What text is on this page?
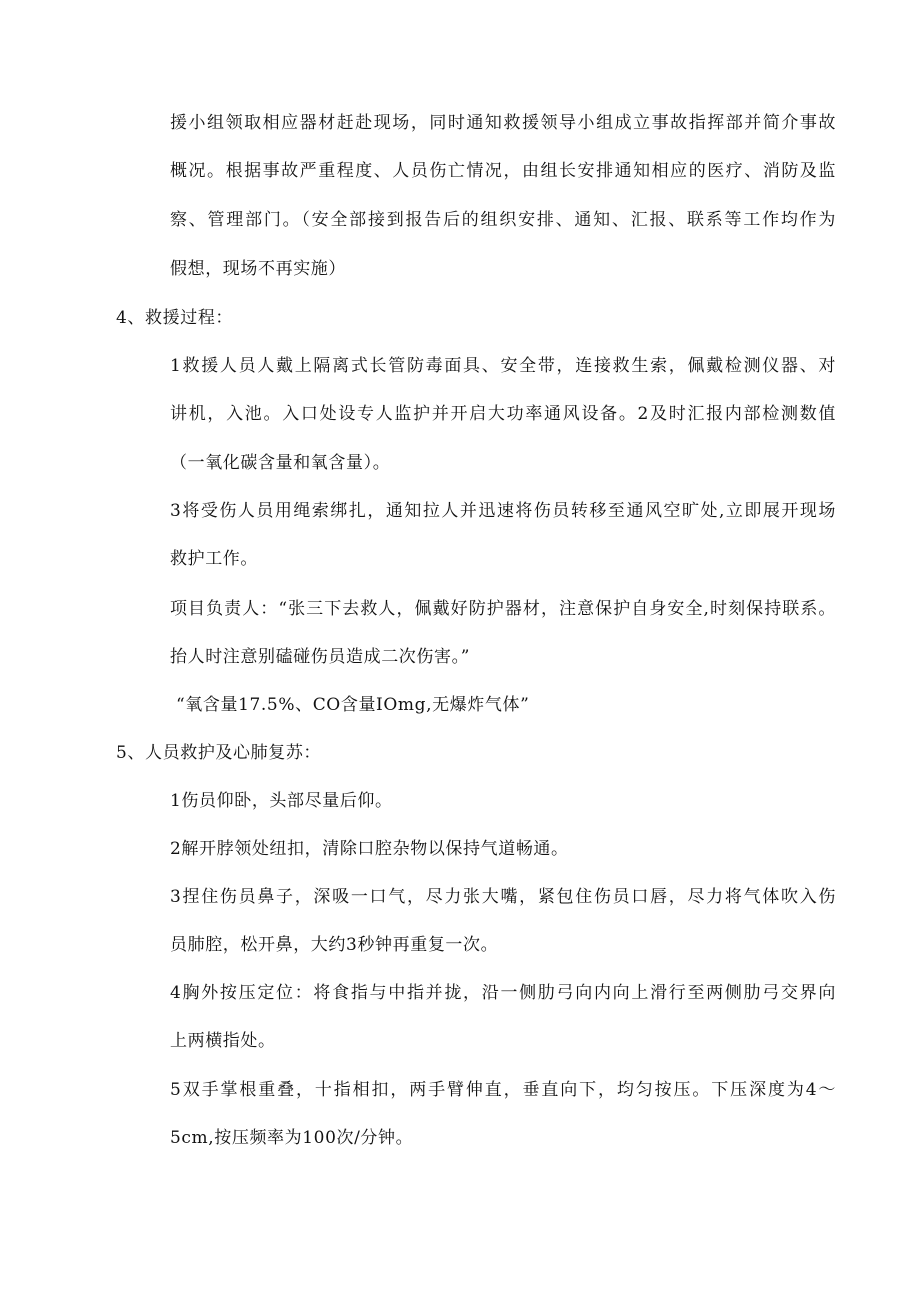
援小组领取相应器材赶赴现场，同时通知救援领导小组成立事故指挥部并简介事故
概况。根据事故严重程度、人员伤亡情况，由组长安排通知相应的医疗、消防及监
察、管理部门。（安全部接到报告后的组织安排、通知、汇报、联系等工作均作为
假想，现场不再实施）
4、救援过程：
1救援人员人戴上隔离式长管防毒面具、安全带，连接救生索，佩戴检测仪器、对
讲机，入池。入口处设专人监护并开启大功率通风设备。2及时汇报内部检测数值
（一氧化碳含量和氧含量）。
3将受伤人员用绳索绑扎，通知拉人并迅速将伤员转移至通风空旷处,立即展开现场
救护工作。
项目负责人：“张三下去救人，佩戴好防护器材，注意保护自身安全,时刻保持联系。
抬人时注意别磕碰伤员造成二次伤害。”
“氧含量17.5%、CO含量IOmg,无爆炸气体”
5、人员救护及心肺复苏：
1伤员仰卧，头部尽量后仰。
2解开脖领处纽扣，清除口腔杂物以保持气道畅通。
3捏住伤员鼻子，深吸一口气，尽力张大嘴，紧包住伤员口唇，尽力将气体吹入伤
员肺腔，松开鼻，大约3秒钟再重复一次。
4胸外按压定位：将食指与中指并拢，沿一侧肋弓向内向上滑行至两侧肋弓交界向
上两横指处。
5双手掌根重叠，十指相扣，两手臂伸直，垂直向下，均匀按压。下压深度为4～
5cm,按压频率为100次/分钟。
